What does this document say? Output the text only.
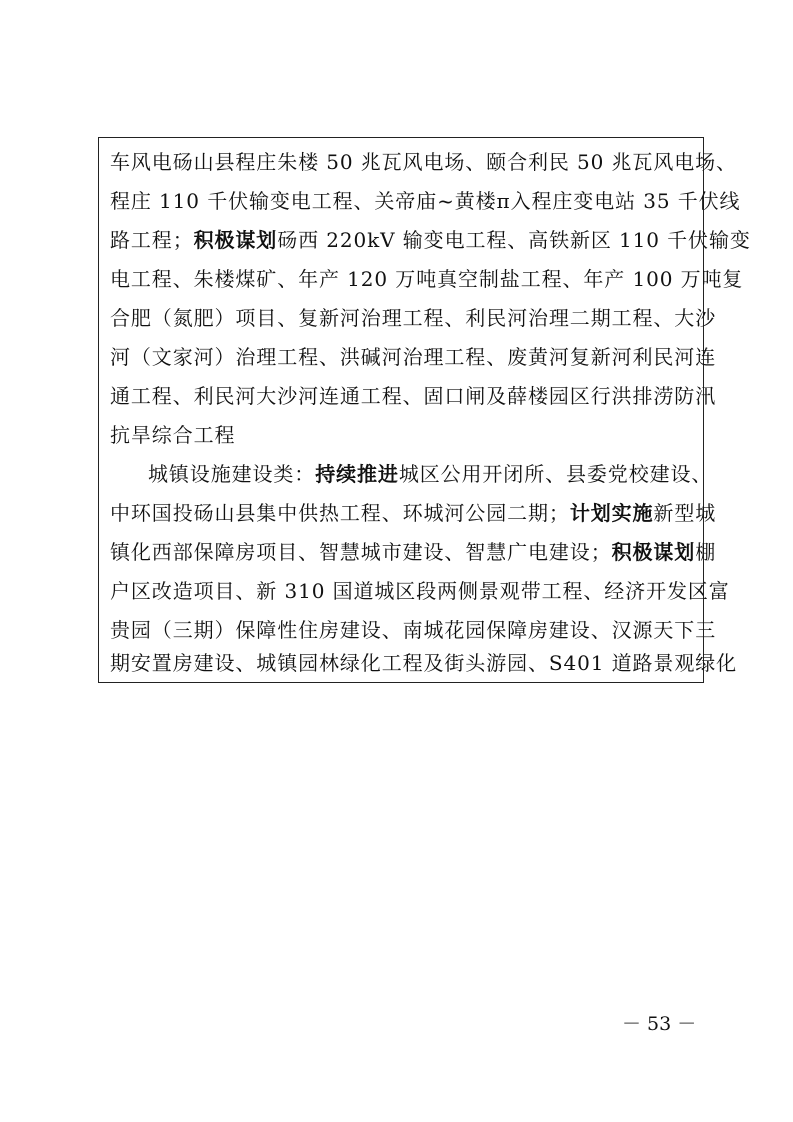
车风电砀山县程庄朱楼 50 兆瓦风电场、颐合利民 50 兆瓦风电场、
程庄 110 千伏输变电工程、关帝庙~黄楼π入程庄变电站 35 千伏线
路工程；积极谋划砀西 220kV 输变电工程、高铁新区 110 千伏输变
电工程、朱楼煤矿、年产 120 万吨真空制盐工程、年产 100 万吨复
合肥（氮肥）项目、复新河治理工程、利民河治理二期工程、大沙
河（文家河）治理工程、洪碱河治理工程、废黄河复新河利民河连
通工程、利民河大沙河连通工程、固口闸及薛楼园区行洪排涝防汛
抗旱综合工程
城镇设施建设类：持续推进城区公用开闭所、县委党校建设、
中环国投砀山县集中供热工程、环城河公园二期；计划实施新型城
镇化西部保障房项目、智慧城市建设、智慧广电建设；积极谋划棚
户区改造项目、新 310 国道城区段两侧景观带工程、经济开发区富
贵园（三期）保障性住房建设、南城花园保障房建设、汉源天下三
期安置房建设、城镇园林绿化工程及街头游园、S401 道路景观绿化
－ 53 －
